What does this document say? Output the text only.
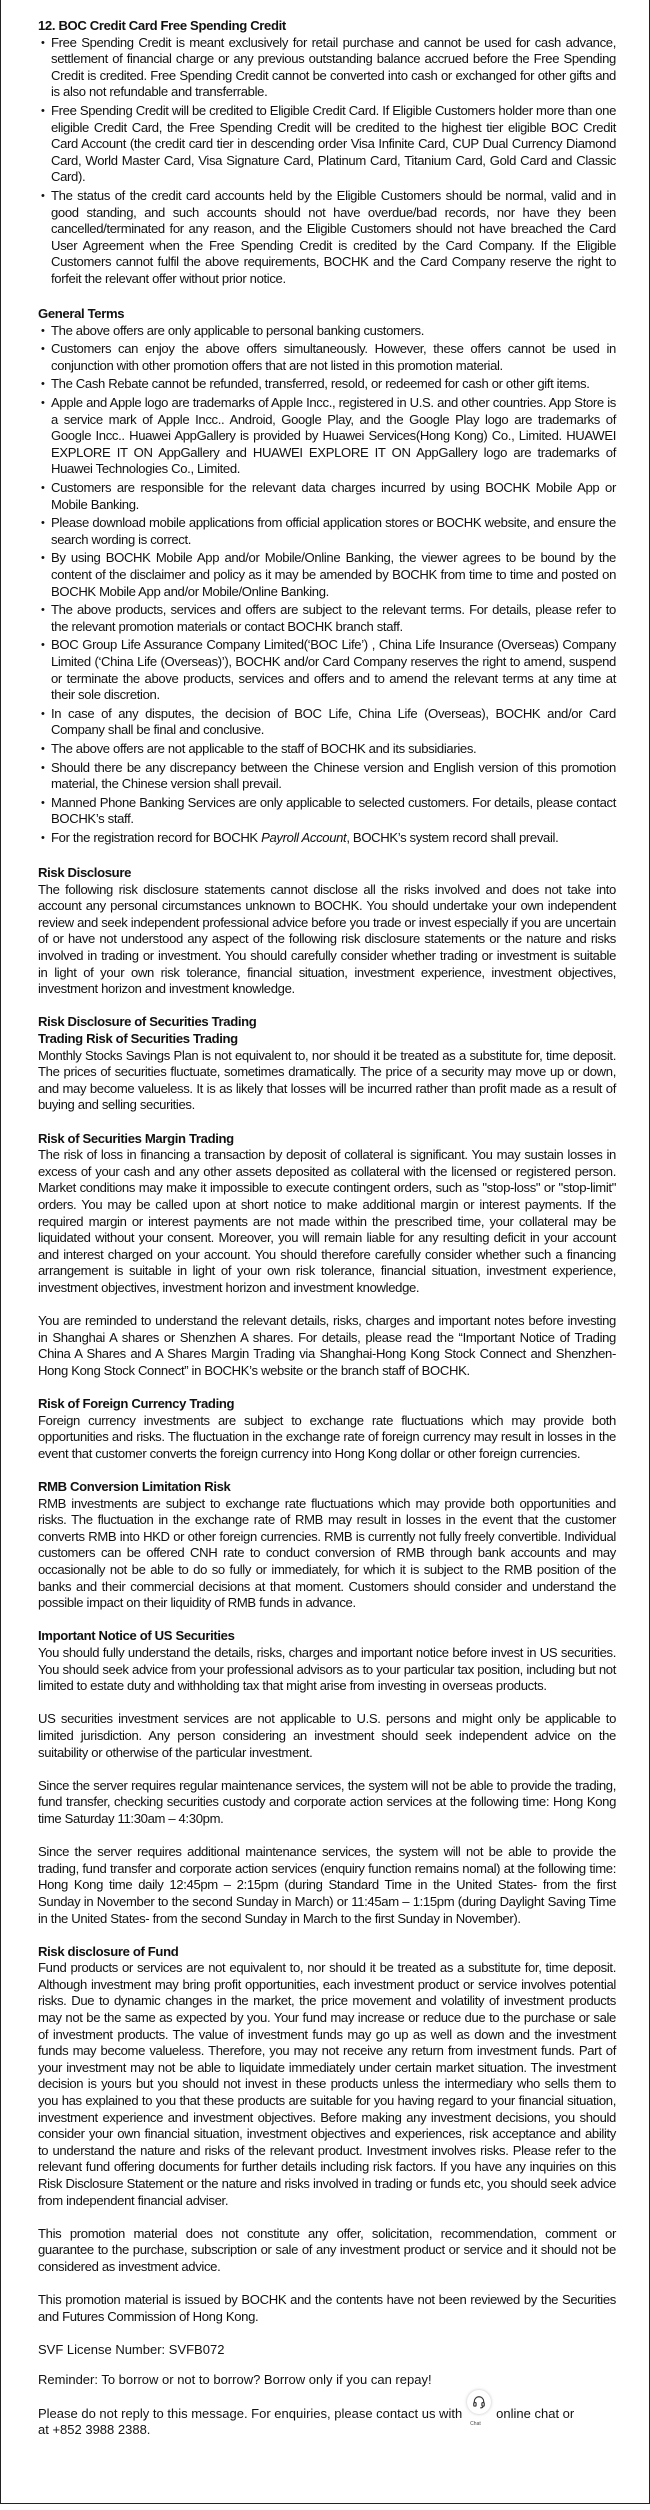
12. BOC Credit Card Free Spending Credit
• Free Spending Credit is meant exclusively for retail purchase and cannot be used for cash advance, settlement of financial charge or any previous outstanding balance accrued before the Free Spending Credit is credited. Free Spending Credit cannot be converted into cash or exchanged for other gifts and is also not refundable and transferrable.
• Free Spending Credit will be credited to Eligible Credit Card. If Eligible Customers holder more than one eligible Credit Card, the Free Spending Credit will be credited to the highest tier eligible BOC Credit Card Account (the credit card tier in descending order Visa Infinite Card, CUP Dual Currency Diamond Card, World Master Card, Visa Signature Card, Platinum Card, Titanium Card, Gold Card and Classic Card).
• The status of the credit card accounts held by the Eligible Customers should be normal, valid and in good standing, and such accounts should not have overdue/bad records, nor have they been cancelled/terminated for any reason, and the Eligible Customers should not have breached the Card User Agreement when the Free Spending Credit is credited by the Card Company. If the Eligible Customers cannot fulfil the above requirements, BOCHK and the Card Company reserve the right to forfeit the relevant offer without prior notice.
General Terms
• The above offers are only applicable to personal banking customers.
• Customers can enjoy the above offers simultaneously. However, these offers cannot be used in conjunction with other promotion offers that are not listed in this promotion material.
• The Cash Rebate cannot be refunded, transferred, resold, or redeemed for cash or other gift items.
• Apple and Apple logo are trademarks of Apple Incc., registered in U.S. and other countries. App Store is a service mark of Apple Incc.. Android, Google Play, and the Google Play logo are trademarks of Google Incc.. Huawei AppGallery is provided by Huawei Services(Hong Kong) Co., Limited. HUAWEI EXPLORE IT ON AppGallery and HUAWEI EXPLORE IT ON AppGallery logo are trademarks of Huawei Technologies Co., Limited.
• Customers are responsible for the relevant data charges incurred by using BOCHK Mobile App or Mobile Banking.
• Please download mobile applications from official application stores or BOCHK website, and ensure the search wording is correct.
• By using BOCHK Mobile App and/or Mobile/Online Banking, the viewer agrees to be bound by the content of the disclaimer and policy as it may be amended by BOCHK from time to time and posted on BOCHK Mobile App and/or Mobile/Online Banking.
• The above products, services and offers are subject to the relevant terms. For details, please refer to the relevant promotion materials or contact BOCHK branch staff.
• BOC Group Life Assurance Company Limited(‘BOC Life’) , China Life Insurance (Overseas) Company Limited (‘China Life (Overseas)’), BOCHK and/or Card Company reserves the right to amend, suspend or terminate the above products, services and offers and to amend the relevant terms at any time at their sole discretion.
• In case of any disputes, the decision of BOC Life, China Life (Overseas), BOCHK and/or Card Company shall be final and conclusive.
• The above offers are not applicable to the staff of BOCHK and its subsidiaries.
• Should there be any discrepancy between the Chinese version and English version of this promotion material, the Chinese version shall prevail.
• Manned Phone Banking Services are only applicable to selected customers. For details, please contact BOCHK’s staff.
• For the registration record for BOCHK Payroll Account, BOCHK’s system record shall prevail.
Risk Disclosure

The following risk disclosure statements cannot disclose all the risks involved and does not take into account any personal circumstances unknown to BOCHK. You should undertake your own independent review and seek independent professional advice before you trade or invest especially if you are uncertain of or have not understood any aspect of the following risk disclosure statements or the nature and risks involved in trading or investment. You should carefully consider whether trading or investment is suitable in light of your own risk tolerance, financial situation, investment experience, investment objectives, investment horizon and investment knowledge.

Risk Disclosure of Securities Trading
Trading Risk of Securities Trading

Monthly Stocks Savings Plan is not equivalent to, nor should it be treated as a substitute for, time deposit. The prices of securities fluctuate, sometimes dramatically. The price of a security may move up or down, and may become valueless. It is as likely that losses will be incurred rather than profit made as a result of buying and selling securities.

Risk of Securities Margin Trading

The risk of loss in financing a transaction by deposit of collateral is significant. You may sustain losses in excess of your cash and any other assets deposited as collateral with the licensed or registered person. Market conditions may make it impossible to execute contingent orders, such as "stop-loss" or "stop-limit" orders. You may be called upon at short notice to make additional margin or interest payments. If the required margin or interest payments are not made within the prescribed time, your collateral may be liquidated without your consent. Moreover, you will remain liable for any resulting deficit in your account and interest charged on your account. You should therefore carefully consider whether such a financing arrangement is suitable in light of your own risk tolerance, financial situation, investment experience, investment objectives, investment horizon and investment knowledge.

You are reminded to understand the relevant details, risks, charges and important notes before investing in Shanghai A shares or Shenzhen A shares. For details, please read the “Important Notice of Trading China A Shares and A Shares Margin Trading via Shanghai-Hong Kong Stock Connect and Shenzhen-Hong Kong Stock Connect” in BOCHK’s website or the branch staff of BOCHK.

Risk of Foreign Currency Trading

Foreign currency investments are subject to exchange rate fluctuations which may provide both opportunities and risks. The fluctuation in the exchange rate of foreign currency may result in losses in the event that customer converts the foreign currency into Hong Kong dollar or other foreign currencies.

RMB Conversion Limitation Risk

RMB investments are subject to exchange rate fluctuations which may provide both opportunities and risks. The fluctuation in the exchange rate of RMB may result in losses in the event that the customer converts RMB into HKD or other foreign currencies. RMB is currently not fully freely convertible. Individual customers can be offered CNH rate to conduct conversion of RMB through bank accounts and may occasionally not be able to do so fully or immediately, for which it is subject to the RMB position of the banks and their commercial decisions at that moment. Customers should consider and understand the possible impact on their liquidity of RMB funds in advance.

Important Notice of US Securities

You should fully understand the details, risks, charges and important notice before invest in US securities. You should seek advice from your professional advisors as to your particular tax position, including but not limited to estate duty and withholding tax that might arise from investing in overseas products.

US securities investment services are not applicable to U.S. persons and might only be applicable to limited jurisdiction. Any person considering an investment should seek independent advice on the suitability or otherwise of the particular investment.

Since the server requires regular maintenance services, the system will not be able to provide the trading, fund transfer, checking securities custody and corporate action services at the following time: Hong Kong time Saturday 11:30am – 4:30pm.

Since the server requires additional maintenance services, the system will not be able to provide the trading, fund transfer and corporate action services (enquiry function remains nomal) at the following time: Hong Kong time daily 12:45pm – 2:15pm (during Standard Time in the United States- from the first Sunday in November to the second Sunday in March) or 11:45am – 1:15pm (during Daylight Saving Time in the United States- from the second Sunday in March to the first Sunday in November).

Risk disclosure of Fund

Fund products or services are not equivalent to, nor should it be treated as a substitute for, time deposit. Although investment may bring profit opportunities, each investment product or service involves potential risks. Due to dynamic changes in the market, the price movement and volatility of investment products may not be the same as expected by you. Your fund may increase or reduce due to the purchase or sale of investment products. The value of investment funds may go up as well as down and the investment funds may become valueless. Therefore, you may not receive any return from investment funds. Part of your investment may not be able to liquidate immediately under certain market situation. The investment decision is yours but you should not invest in these products unless the intermediary who sells them to you has explained to you that these products are suitable for you having regard to your financial situation, investment experience and investment objectives. Before making any investment decisions, you should consider your own financial situation, investment objectives and experiences, risk acceptance and ability to understand the nature and risks of the relevant product. Investment involves risks. Please refer to the relevant fund offering documents for further details including risk factors. If you have any inquiries on this Risk Disclosure Statement or the nature and risks involved in trading or funds etc, you should seek advice from independent financial adviser.

This promotion material does not constitute any offer, solicitation, recommendation, comment or guarantee to the purchase, subscription or sale of any investment product or service and it should not be considered as investment advice.

This promotion material is issued by BOCHK and the contents have not been reviewed by the Securities and Futures Commission of Hong Kong.

SVF License Number: SVFB072
Reminder: To borrow or not to borrow? Borrow only if you can repay!
Please do not reply to this message. For enquiries, please contact us with
Chat
online chat or
at +852 3988 2388.
